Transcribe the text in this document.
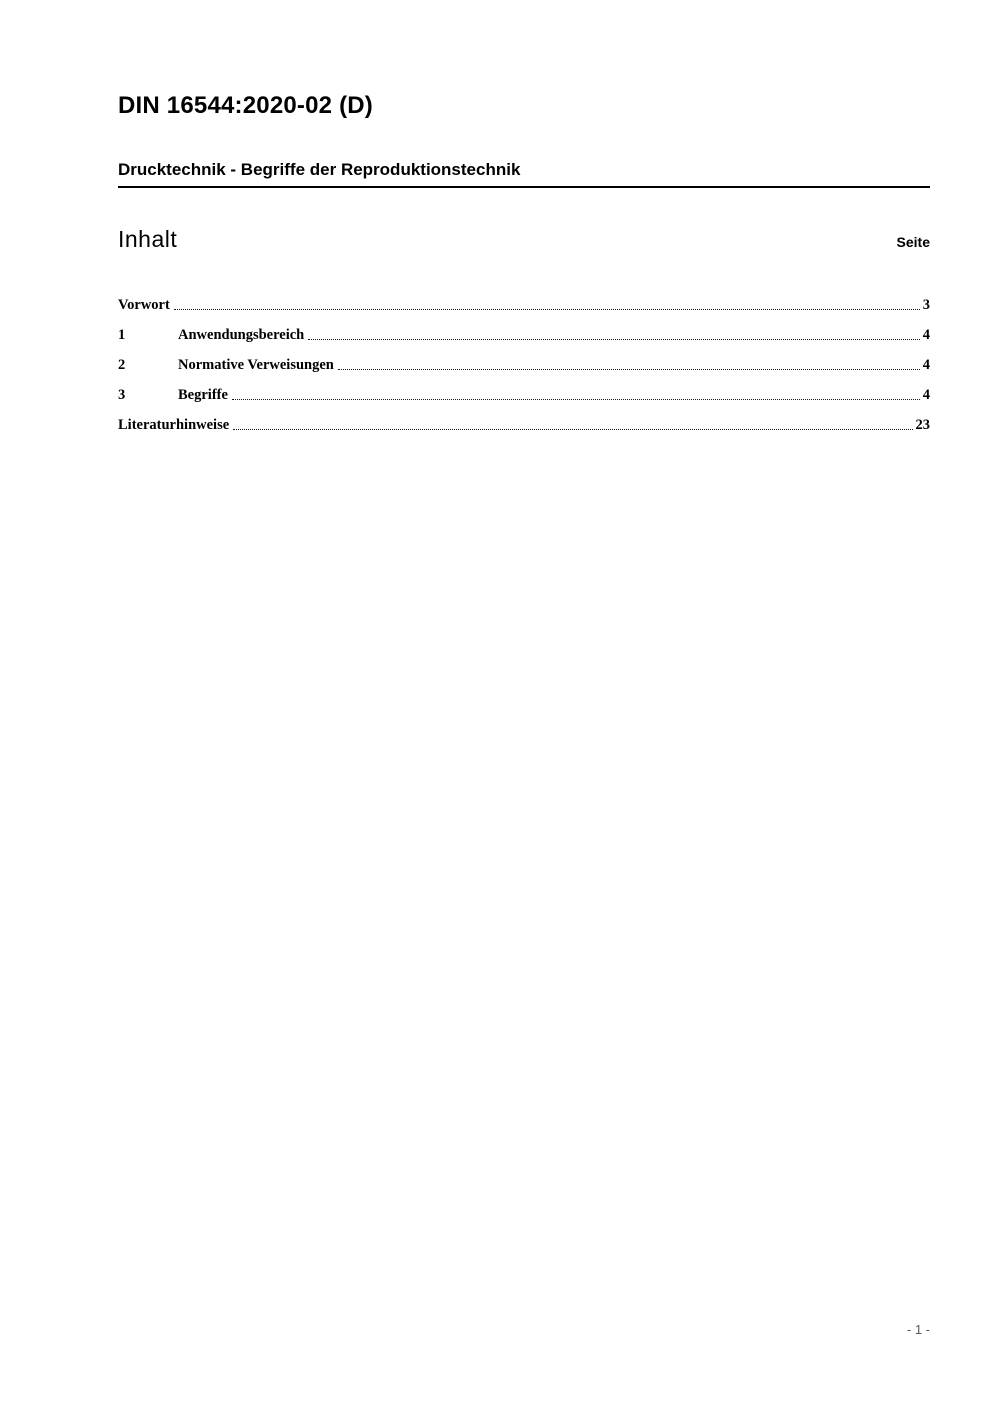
DIN 16544:2020-02 (D)
Drucktechnik - Begriffe der Reproduktionstechnik
Inhalt	Seite
Vorwort	3
1	Anwendungsbereich	4
2	Normative Verweisungen	4
3	Begriffe	4
Literaturhinweise	23
- 1 -
